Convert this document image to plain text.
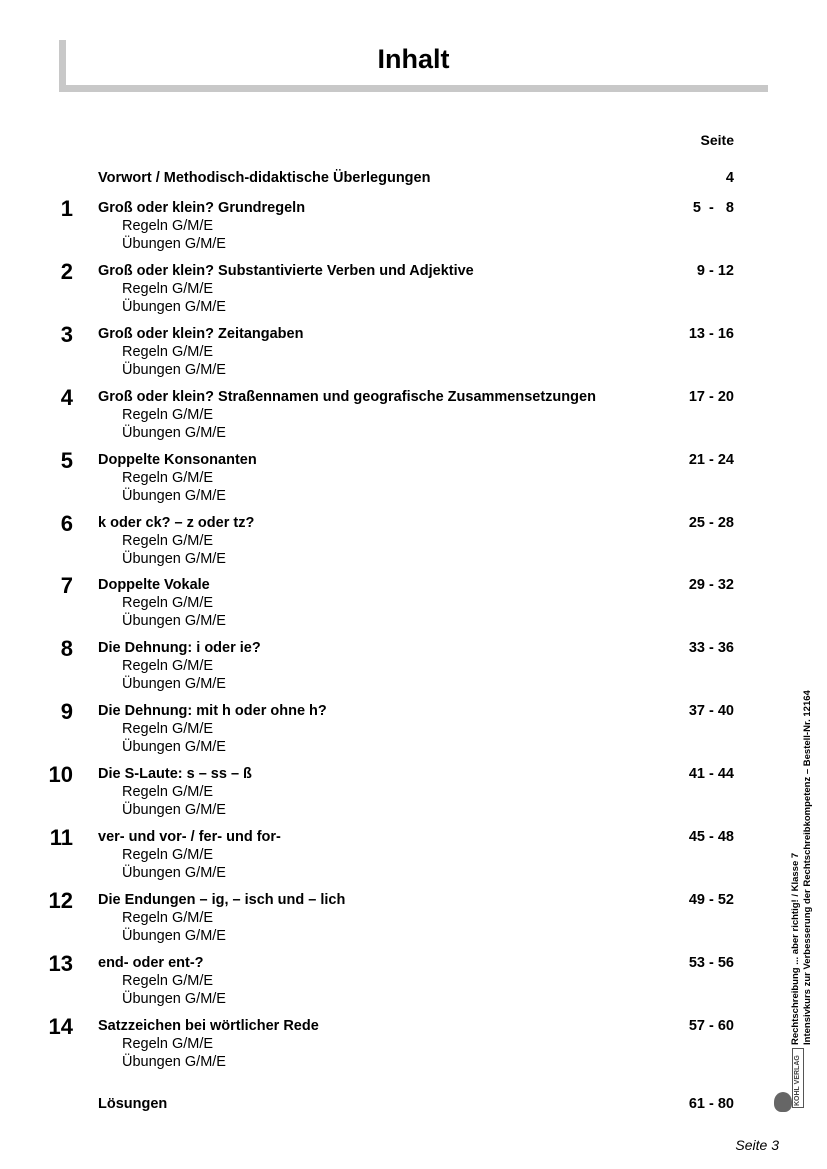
Inhalt
Seite
Vorwort / Methodisch-didaktische Überlegungen	4
1 Groß oder klein? Grundregeln	5  -   8
Regeln G/M/E
Übungen G/M/E
2 Groß oder klein? Substantivierte Verben und Adjektive	9 - 12
Regeln G/M/E
Übungen G/M/E
3 Groß oder klein? Zeitangaben	13 - 16
Regeln G/M/E
Übungen G/M/E
4 Groß oder klein? Straßennamen und geografische Zusammensetzungen	17 - 20
Regeln G/M/E
Übungen G/M/E
5 Doppelte Konsonanten	21 - 24
Regeln G/M/E
Übungen G/M/E
6 k oder ck? – z oder tz?	25 - 28
Regeln G/M/E
Übungen G/M/E
7 Doppelte Vokale	29 - 32
Regeln G/M/E
Übungen G/M/E
8 Die Dehnung: i oder ie?	33 - 36
Regeln G/M/E
Übungen G/M/E
9 Die Dehnung: mit h oder ohne h?	37 - 40
Regeln G/M/E
Übungen G/M/E
10 Die S-Laute: s – ss – ß	41 - 44
Regeln G/M/E
Übungen G/M/E
11 ver- und vor- / fer- und for-	45 - 48
Regeln G/M/E
Übungen G/M/E
12 Die Endungen – ig, – isch und – lich	49 - 52
Regeln G/M/E
Übungen G/M/E
13 end- oder ent-?	53 - 56
Regeln G/M/E
Übungen G/M/E
14 Satzzeichen bei wörtlicher Rede	57 - 60
Regeln G/M/E
Übungen G/M/E
Lösungen	61 - 80
Rechtschreibung ... aber richtig! / Klasse 7 Intensivkurs zur Verbesserung der Rechtschreibkompetenz – Bestell-Nr. 12164
KOHL VERLAG
Seite 3
